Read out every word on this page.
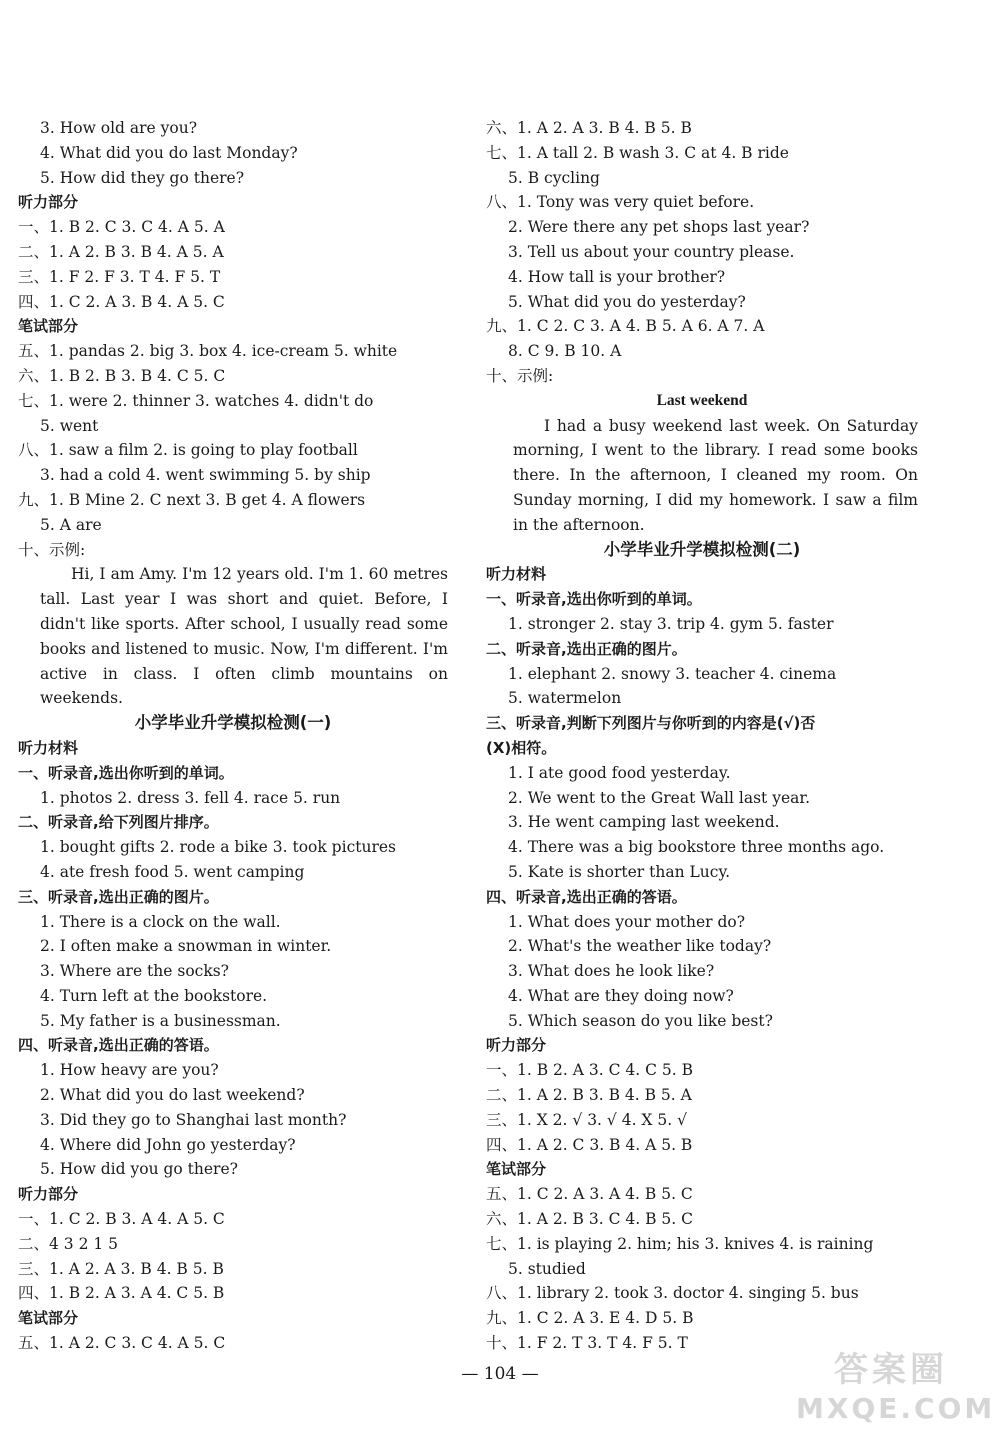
3. How old are you?
4. What did you do last Monday?
5. How did they go there?
听力部分
一、1. B 2. C 3. C 4. A 5. A
二、1. A 2. B 3. B 4. A 5. A
三、1. F 2. F 3. T 4. F 5. T
四、1. C 2. A 3. B 4. A 5. C
笔试部分
五、1. pandas 2. big 3. box 4. ice-cream 5. white
六、1. B 2. B 3. B 4. C 5. C
七、1. were 2. thinner 3. watches 4. didn't do
5. went
八、1. saw a film 2. is going to play football
3. had a cold 4. went swimming 5. by ship
九、1. B Mine 2. C next 3. B get 4. A flowers
5. A are
十、示例:

Hi, I am Amy. I'm 12 years old. I'm 1. 60 metres tall. Last year I was short and quiet. Before, I didn't like sports. After school, I usually read some books and listened to music. Now, I'm different. I'm active in class. I often climb mountains on weekends.

小学毕业升学模拟检测(一)
听力材料
一、听录音,选出你听到的单词。
1. photos 2. dress 3. fell 4. race 5. run
二、听录音,给下列图片排序。
1. bought gifts 2. rode a bike 3. took pictures
4. ate fresh food 5. went camping
三、听录音,选出正确的图片。
1. There is a clock on the wall.
2. I often make a snowman in winter.
3. Where are the socks?
4. Turn left at the bookstore.
5. My father is a businessman.
四、听录音,选出正确的答语。
1. How heavy are you?
2. What did you do last weekend?
3. Did they go to Shanghai last month?
4. Where did John go yesterday?
5. How did you go there?
听力部分
一、1. C 2. B 3. A 4. A 5. C
二、4 3 2 1 5
三、1. A 2. A 3. B 4. B 5. B
四、1. B 2. A 3. A 4. C 5. B
笔试部分
五、1. A 2. C 3. C 4. A 5. C
六、1. A 2. A 3. B 4. B 5. B
七、1. A tall 2. B wash 3. C at 4. B ride
5. B cycling
八、1. Tony was very quiet before.
2. Were there any pet shops last year?
3. Tell us about your country please.
4. How tall is your brother?
5. What did you do yesterday?
九、1. C 2. C 3. A 4. B 5. A 6. A 7. A
8. C 9. B 10. A
十、示例:
Last weekend

I had a busy weekend last week. On Saturday morning, I went to the library. I read some books there. In the afternoon, I cleaned my room. On Sunday morning, I did my homework. I saw a film in the afternoon.

小学毕业升学模拟检测(二)
听力材料
一、听录音,选出你听到的单词。
1. stronger 2. stay 3. trip 4. gym 5. faster
二、听录音,选出正确的图片。
1. elephant 2. snowy 3. teacher 4. cinema
5. watermelon
三、听录音,判断下列图片与你听到的内容是(√)否
(X)相符。
1. I ate good food yesterday.
2. We went to the Great Wall last year.
3. He went camping last weekend.
4. There was a big bookstore three months ago.
5. Kate is shorter than Lucy.
四、听录音,选出正确的答语。
1. What does your mother do?
2. What's the weather like today?
3. What does he look like?
4. What are they doing now?
5. Which season do you like best?
听力部分
一、1. B 2. A 3. C 4. C 5. B
二、1. A 2. B 3. B 4. B 5. A
三、1. X 2. √ 3. √ 4. X 5. √
四、1. A 2. C 3. B 4. A 5. B
笔试部分
五、1. C 2. A 3. A 4. B 5. C
六、1. A 2. B 3. C 4. B 5. C
七、1. is playing 2. him; his 3. knives 4. is raining
5. studied
八、1. library 2. took 3. doctor 4. singing 5. bus
九、1. C 2. A 3. E 4. D 5. B
十、1. F 2. T 3. T 4. F 5. T
— 104 —	答案圈
MXQE.COM
